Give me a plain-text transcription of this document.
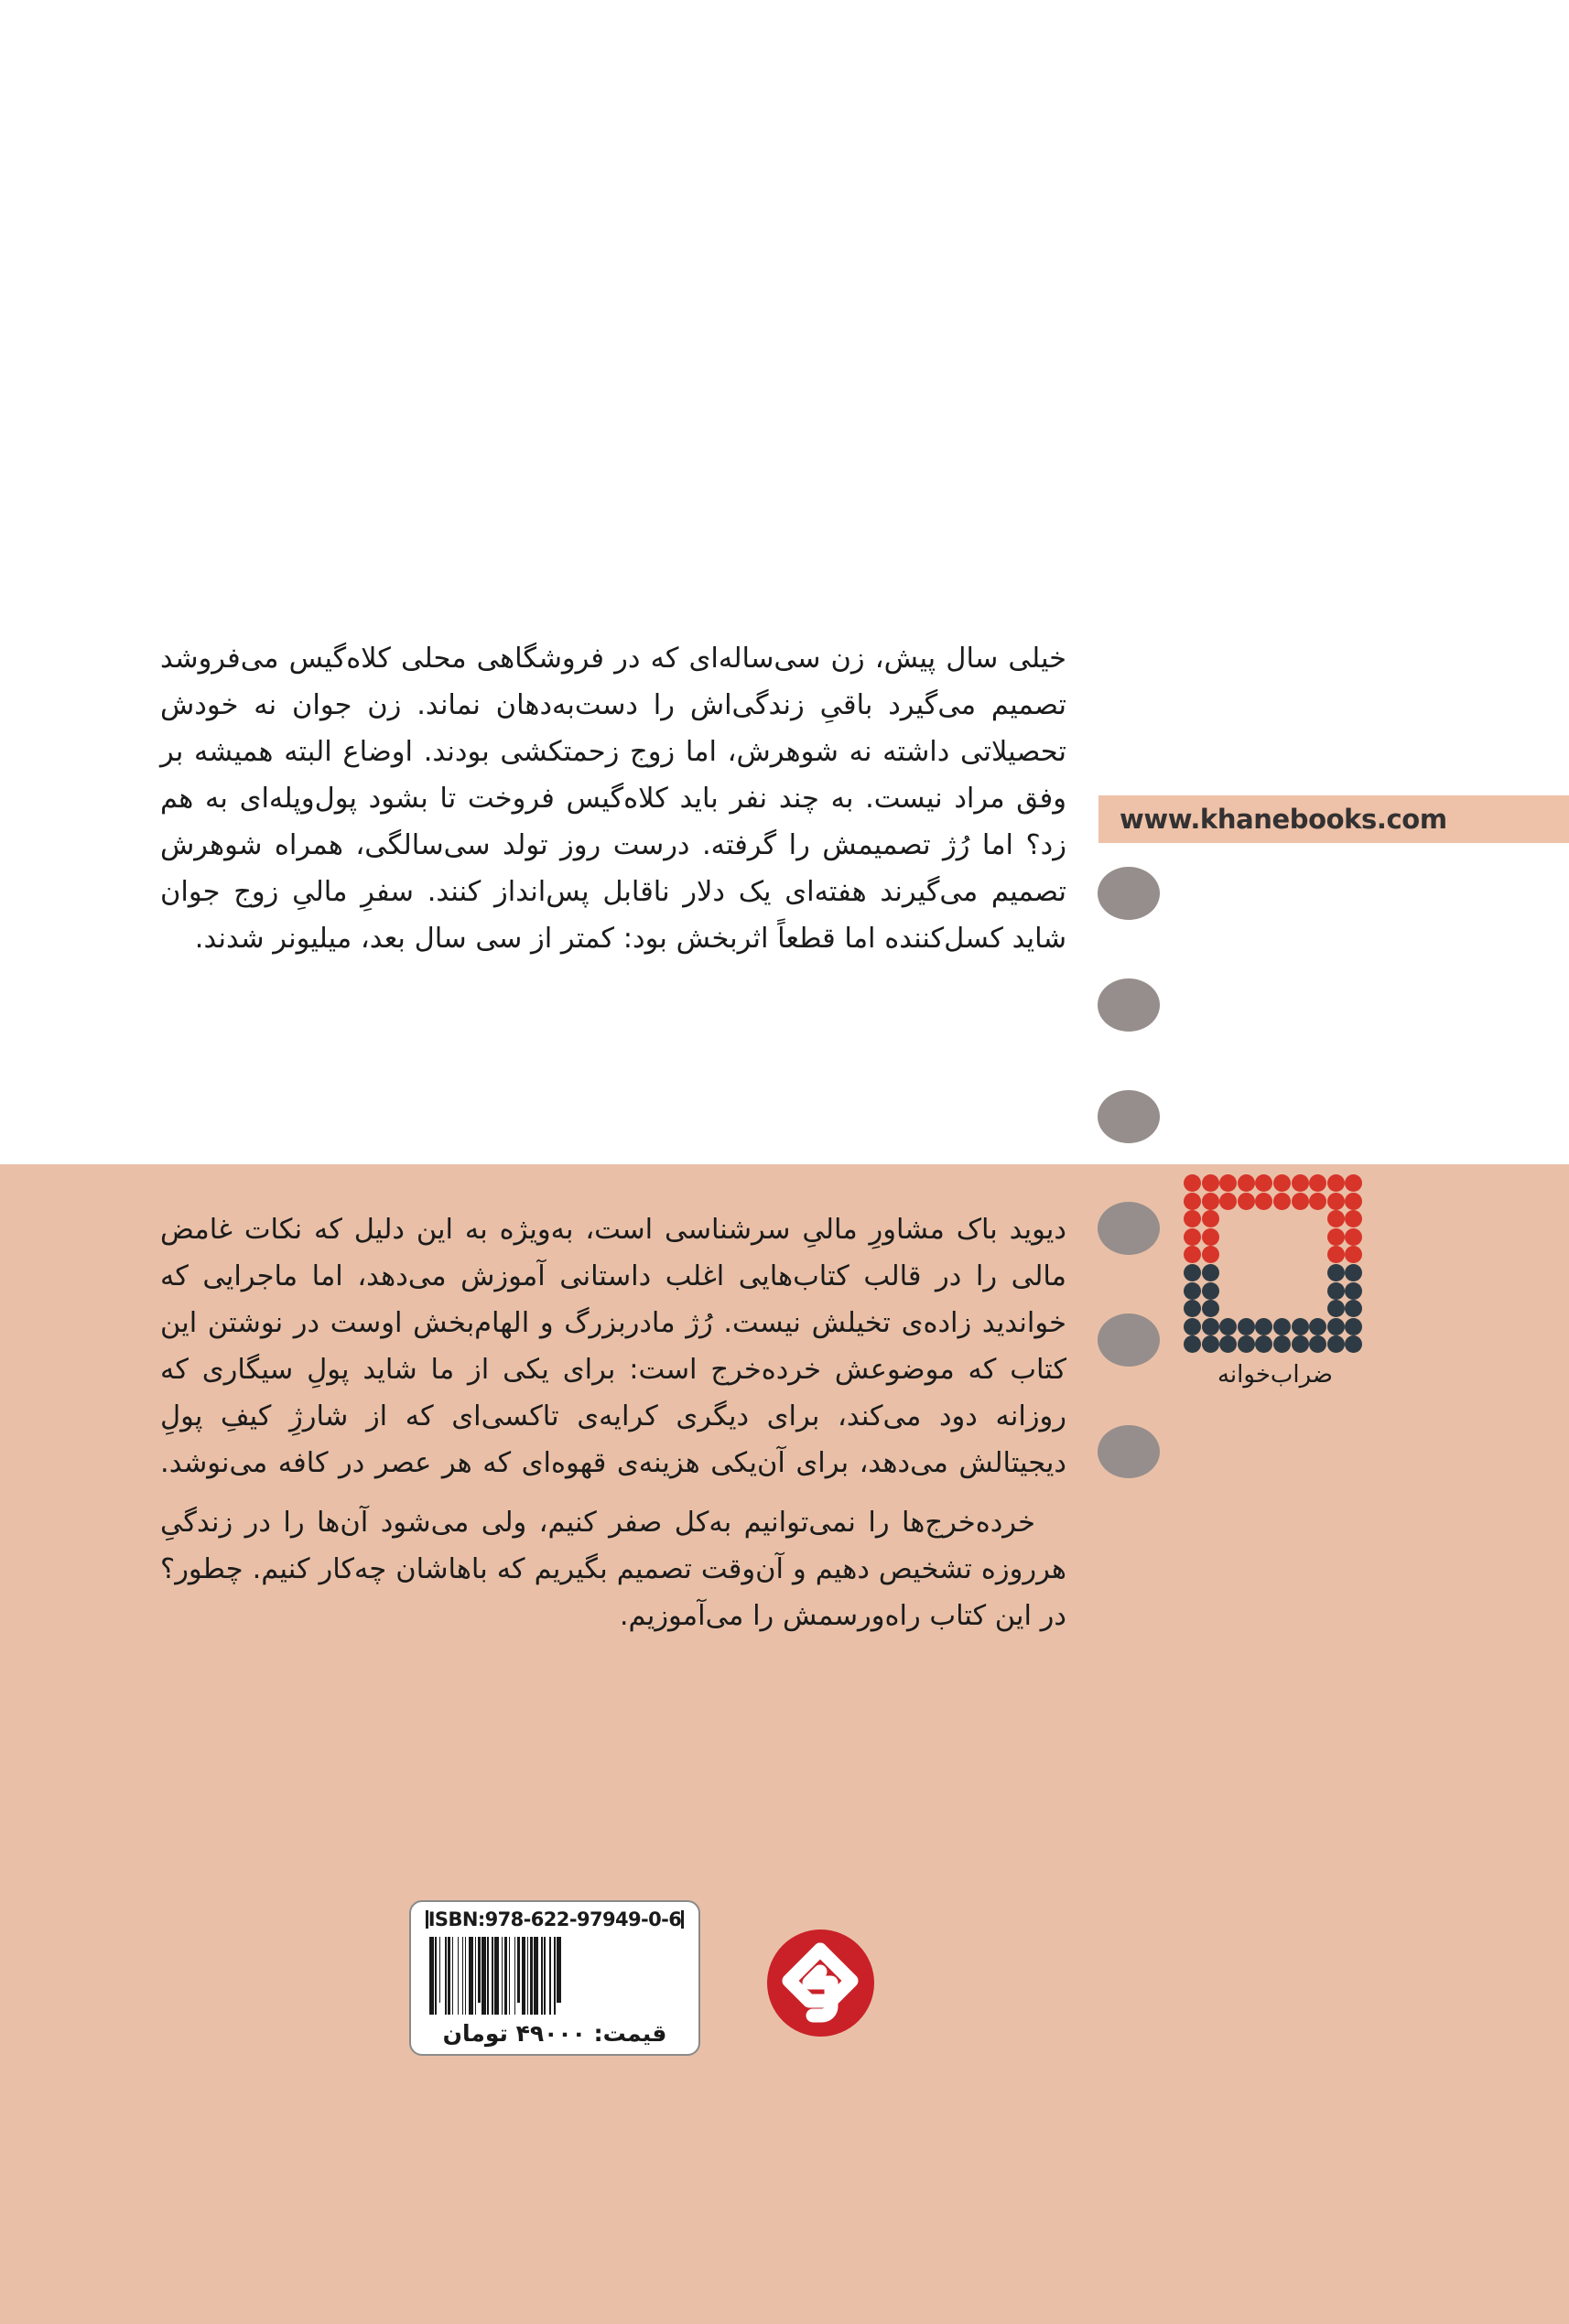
www.khanebooks.com

خیلی سال پیش، زن سی‌ساله‌ای که در فروشگاهی محلی کلاه‌گیس می‌فروشد تصمیم می‌گیرد باقیِ زندگی‌اش را دست‌به‌دهان نماند. زن جوان نه خودش تحصیلاتی داشته نه شوهرش، اما زوج زحمتکشی بودند. اوضاع البته همیشه بر وفق مراد نیست. به چند نفر باید کلاه‌گیس فروخت تا بشود پول‌وپله‌ای به هم زد؟ اما رُژ تصمیمش را گرفته. درست روز تولد سی‌سالگی، همراه شوهرش تصمیم می‌گیرند هفته‌ای یک دلار ناقابل پس‌انداز کنند. سفرِ مالیِ زوج جوان شاید کسل‌کننده اما قطعاً اثربخش بود: کمتر از سی سال بعد، میلیونر شدند.

دیوید باک مشاورِ مالیِ سرشناسی است، به‌ویژه به این دلیل که نکات غامض مالی را در قالب کتاب‌هایی اغلب داستانی آموزش می‌دهد، اما ماجرایی که خواندید زاده‌ی تخیلش نیست. رُژ مادربزرگ و الهام‌بخش اوست در نوشتن این کتاب که موضوعش خرده‌خرج است: برای یکی از ما شاید پولِ سیگاری که روزانه دود می‌کند، برای دیگری کرایه‌ی تاکسی‌ای که از شارژِ کیفِ پولِ دیجیتالش می‌دهد، برای آن‌یکی هزینه‌ی قهوه‌ای که هر عصر در کافه می‌نوشد.

خرده‌خرج‌ها را نمی‌توانیم به‌کل صفر کنیم، ولی می‌شود آن‌ها را در زندگیِ هرروزه تشخیص دهیم و آن‌وقت تصمیم بگیریم که باهاشان چه‌کار کنیم. چطور؟ در این کتاب راه‌ورسمش را می‌آموزیم.

ضراب‌خوانه
ISBN:978-622-97949-0-6
قیمت: ۴۹۰۰۰ تومان
